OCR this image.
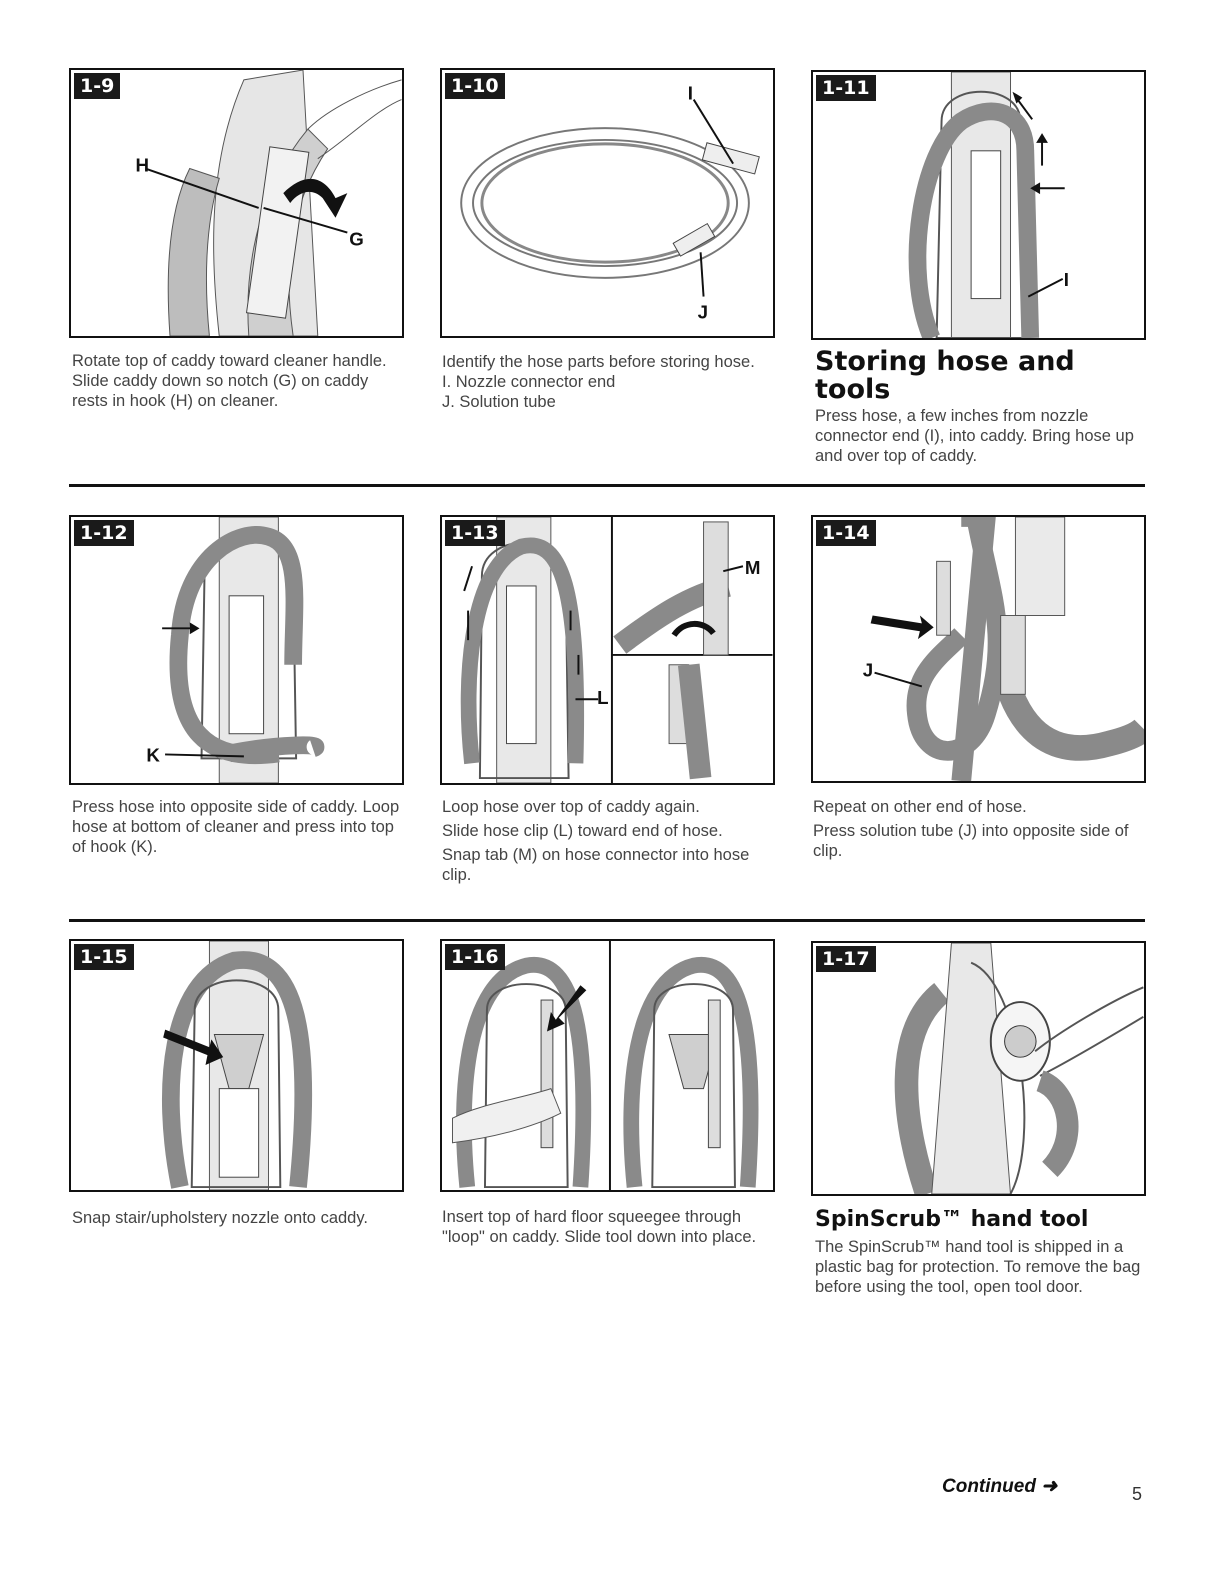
1-9
H
G
1-10	I
J
1-11
I

Rotate top of caddy toward cleaner handle. Slide caddy down so notch (G) on caddy rests in hook (H) on cleaner.

Identify the hose parts before storing hose.

I. Nozzle connector end

J. Solution tube

Storing hose and tools

Press hose, a few inches from nozzle connector end (I), into caddy. Bring hose up and over top of caddy.

1-12
K
1-13
M
L
1-14
J

Press hose into opposite side of caddy. Loop hose at bottom of cleaner and press into top of hook (K).

Loop hose over top of caddy again.

Slide hose clip (L) toward end of hose.

Snap tab (M) on hose connector into hose clip.

Repeat on other end of hose.

Press solution tube (J) into opposite side of clip.

1-15	1-16	1-17

Snap stair/upholstery nozzle onto caddy.	Insert top of hard floor squeegee through "loop" on caddy. Slide tool down into place.

SpinScrub™ hand tool

The SpinScrub™ hand tool is shipped in a plastic bag for protection. To remove the bag before using the tool, open tool door.

Continued ➜	5
